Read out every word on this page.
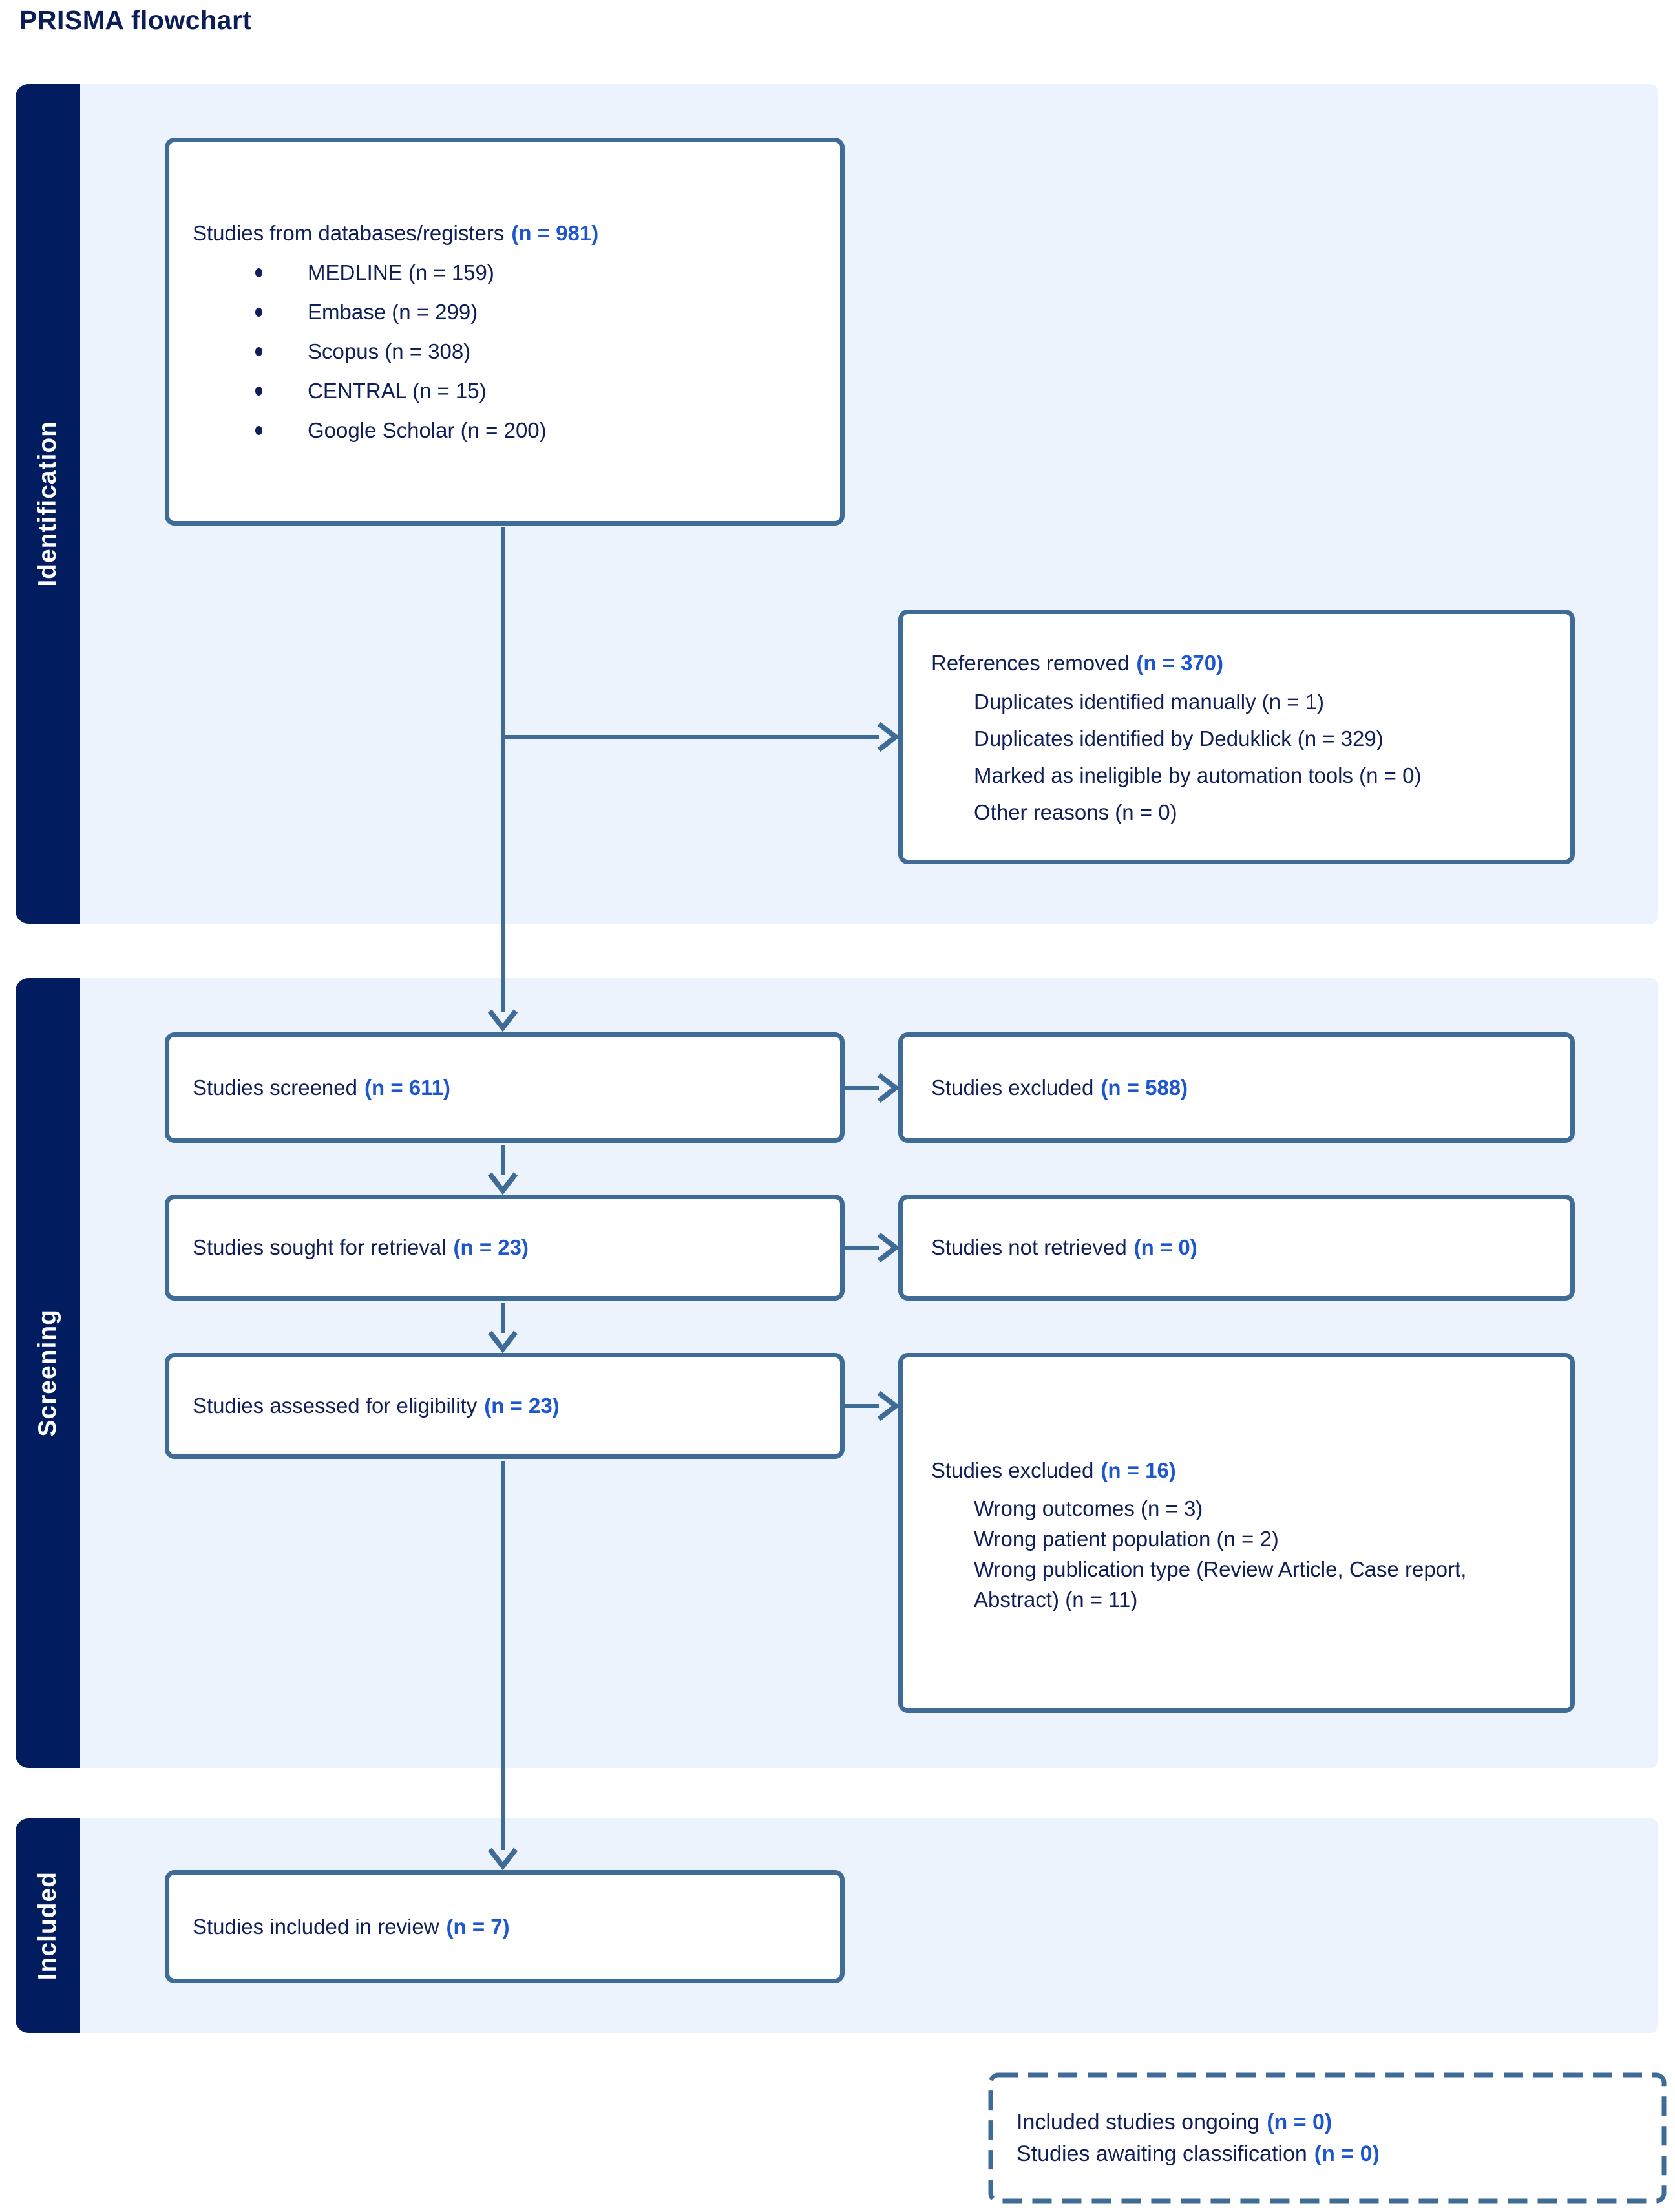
PRISMA flowchart
Identification
Screening
Included
Studies from databases/registers (n = 981)
MEDLINE (n = 159)
Embase (n = 299)
Scopus (n = 308)
CENTRAL (n = 15)
Google Scholar (n = 200)
References removed (n = 370)
Duplicates identified manually (n = 1)
Duplicates identified by Deduklick (n = 329)
Marked as ineligible by automation tools (n = 0)
Other reasons (n = 0)
Studies screened (n = 611)	Studies excluded (n = 588)
Studies sought for retrieval (n = 23)	Studies not retrieved (n = 0)
Studies assessed for eligibility (n = 23)
Studies excluded (n = 16)
Wrong outcomes (n = 3)
Wrong patient population (n = 2)
Wrong publication type (Review Article, Case report, Abstract) (n = 11)
Studies included in review (n = 7)
Included studies ongoing (n = 0)
Studies awaiting classification (n = 0)
